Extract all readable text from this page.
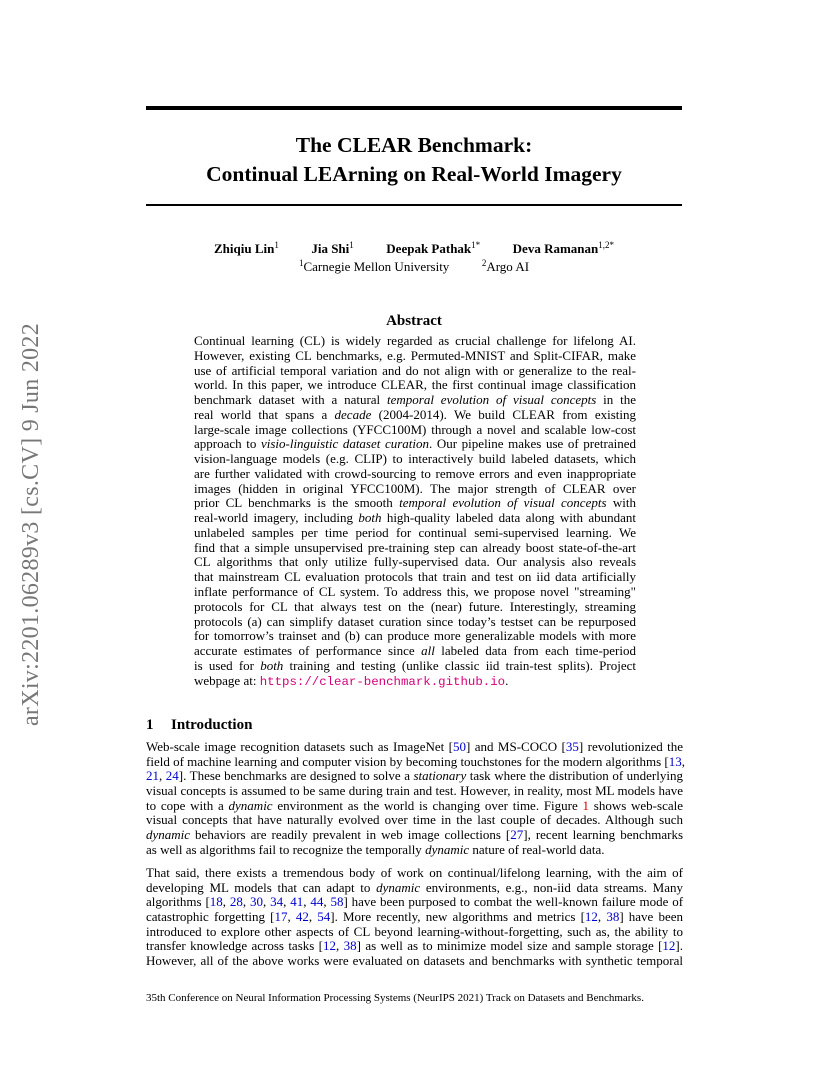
The CLEAR Benchmark:
Continual LEArning on Real-World Imagery
Zhiqiu Lin$^1$   	Jia Shi$^1$   	Deepak Pathak$^{1*}$   	Deva Ramanan$^{1,2*}$
$^1$Carnegie Mellon University   	$^2$Argo AI
arXiv:2201.06289v3 [cs.CV] 9 Jun 2022
Abstract
Continual learning (CL) is widely regarded as crucial challenge for lifelong AI.
However, existing CL benchmarks, e.g. Permuted-MNIST and Split-CIFAR, make
use of artificial temporal variation and do not align with or generalize to the real-
world. In this paper, we introduce CLEAR, the first continual image classification
benchmark dataset with a natural temporal evolution of visual concepts in the
real world that spans a decade (2004-2014). We build CLEAR from existing
large-scale image collections (YFCC100M) through a novel and scalable low-cost
approach to visio-linguistic dataset curation. Our pipeline makes use of pretrained
vision-language models (e.g. CLIP) to interactively build labeled datasets, which
are further validated with crowd-sourcing to remove errors and even inappropriate
images (hidden in original YFCC100M). The major strength of CLEAR over
prior CL benchmarks is the smooth temporal evolution of visual concepts with
real-world imagery, including both high-quality labeled data along with abundant
unlabeled samples per time period for continual semi-supervised learning. We
find that a simple unsupervised pre-training step can already boost state-of-the-art
CL algorithms that only utilize fully-supervised data. Our analysis also reveals
that mainstream CL evaluation protocols that train and test on iid data artificially
inflate performance of CL system. To address this, we propose novel "streaming"
protocols for CL that always test on the (near) future. Interestingly, streaming
protocols (a) can simplify dataset curation since today’s testset can be repurposed
for tomorrow’s trainset and (b) can produce more generalizable models with more
accurate estimates of performance since all labeled data from each time-period
is used for both training and testing (unlike classic iid train-test splits). Project
webpage at: https://clear-benchmark.github.io.
1 Introduction
Web-scale image recognition datasets such as ImageNet [50] and MS-COCO [35] revolutionized the
field of machine learning and computer vision by becoming touchstones for the modern algorithms [13,
21, 24]. These benchmarks are designed to solve a stationary task where the distribution of underlying
visual concepts is assumed to be same during train and test. However, in reality, most ML models have
to cope with a dynamic environment as the world is changing over time. Figure 1 shows web-scale
visual concepts that have naturally evolved over time in the last couple of decades. Although such
dynamic behaviors are readily prevalent in web image collections [27], recent learning benchmarks
as well as algorithms fail to recognize the temporally dynamic nature of real-world data.
That said, there exists a tremendous body of work on continual/lifelong learning, with the aim of
developing ML models that can adapt to dynamic environments, e.g., non-iid data streams. Many
algorithms [18, 28, 30, 34, 41, 44, 58] have been purposed to combat the well-known failure mode of
catastrophic forgetting [17, 42, 54]. More recently, new algorithms and metrics [12, 38] have been
introduced to explore other aspects of CL beyond learning-without-forgetting, such as, the ability to
transfer knowledge across tasks [12, 38] as well as to minimize model size and sample storage [12].
However, all of the above works were evaluated on datasets and benchmarks with synthetic temporal
35th Conference on Neural Information Processing Systems (NeurIPS 2021) Track on Datasets and Benchmarks.
